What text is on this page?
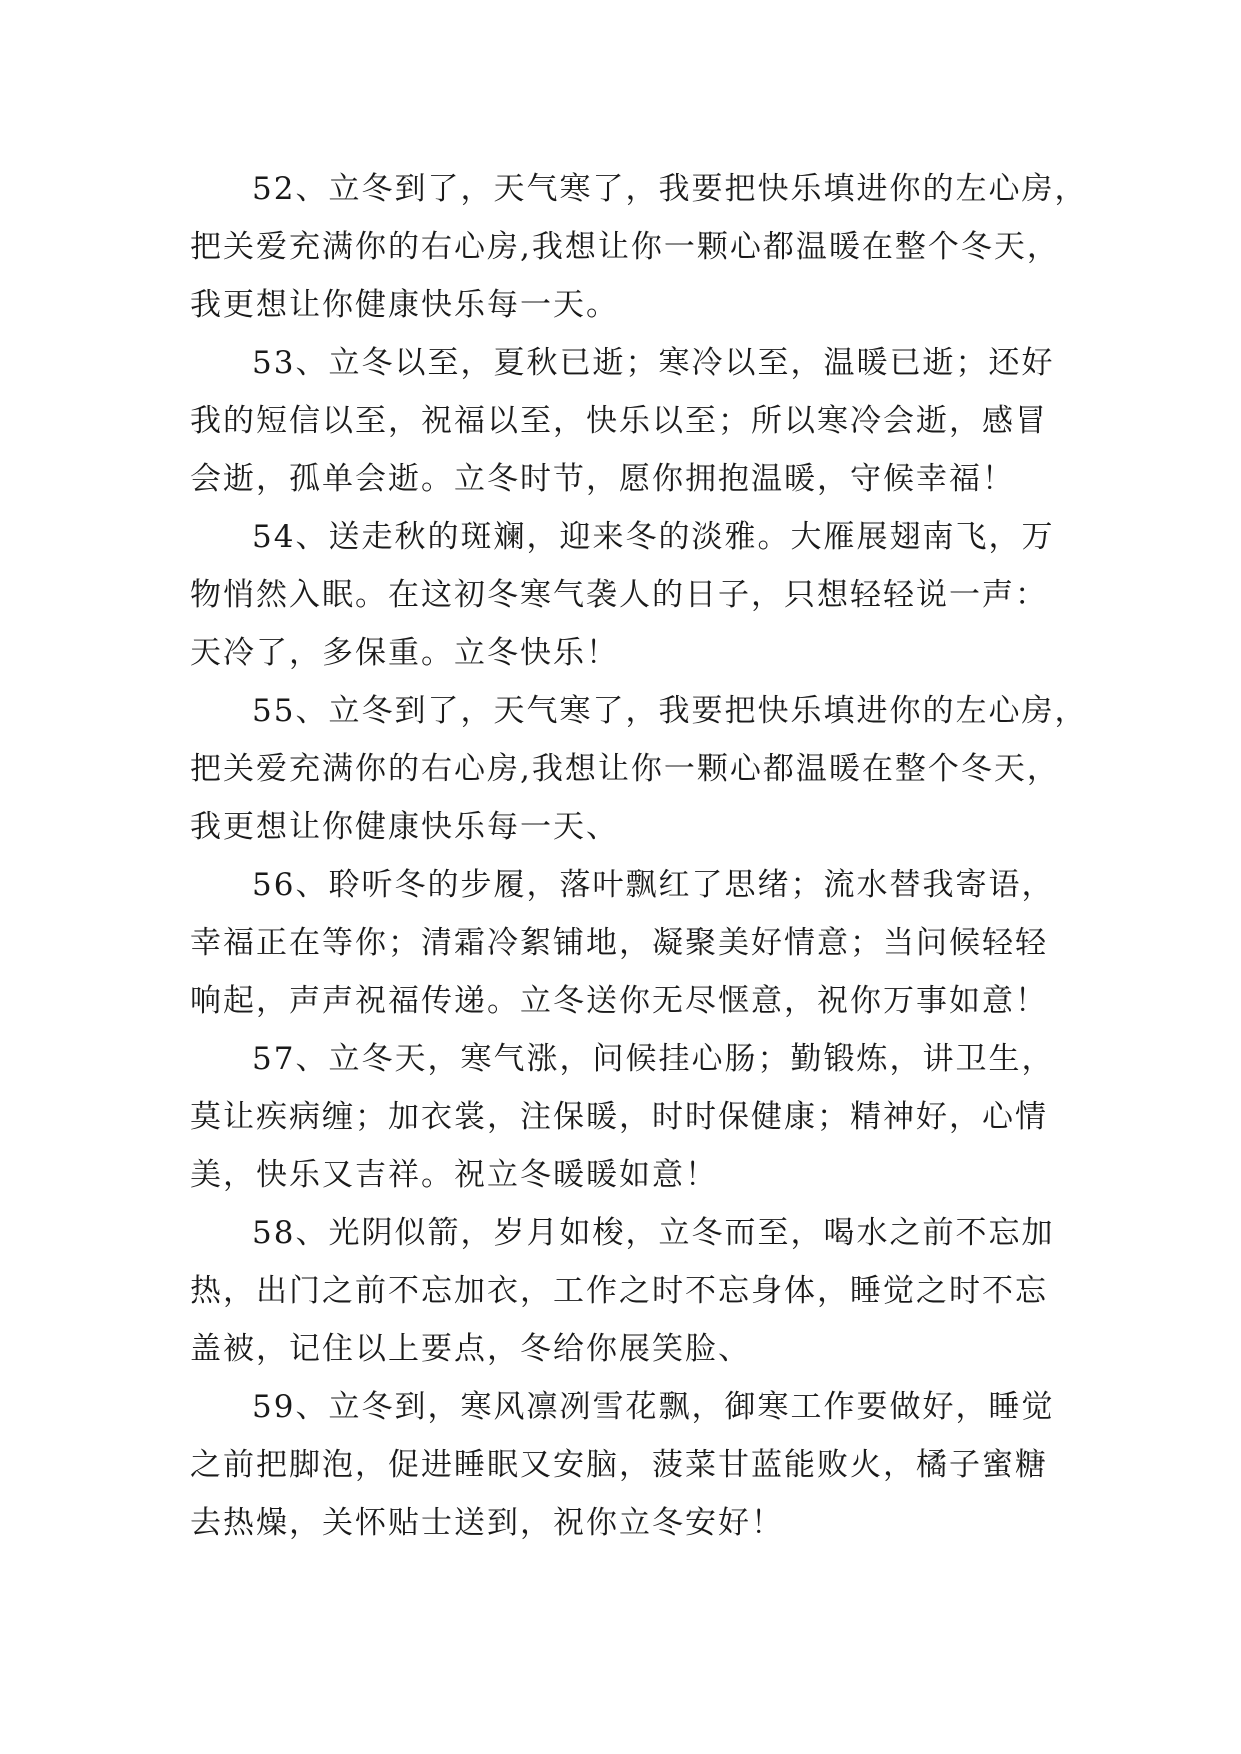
52、立冬到了，天气寒了，我要把快乐填进你的左心房，
把关爱充满你的右心房,我想让你一颗心都温暖在整个冬天，
我更想让你健康快乐每一天。
53、立冬以至，夏秋已逝；寒冷以至，温暖已逝；还好
我的短信以至，祝福以至，快乐以至；所以寒冷会逝，感冒
会逝，孤单会逝。立冬时节，愿你拥抱温暖，守候幸福！
54、送走秋的斑斓，迎来冬的淡雅。大雁展翅南飞，万
物悄然入眠。在这初冬寒气袭人的日子，只想轻轻说一声：
天冷了，多保重。立冬快乐！
55、立冬到了，天气寒了，我要把快乐填进你的左心房，
把关爱充满你的右心房,我想让你一颗心都温暖在整个冬天，
我更想让你健康快乐每一天、
56、聆听冬的步履，落叶飘红了思绪；流水替我寄语，
幸福正在等你；清霜冷絮铺地，凝聚美好情意；当问候轻轻
响起，声声祝福传递。立冬送你无尽惬意，祝你万事如意！
57、立冬天，寒气涨，问候挂心肠；勤锻炼，讲卫生，
莫让疾病缠；加衣裳，注保暖，时时保健康；精神好，心情
美，快乐又吉祥。祝立冬暖暖如意！
58、光阴似箭，岁月如梭，立冬而至，喝水之前不忘加
热，出门之前不忘加衣，工作之时不忘身体，睡觉之时不忘
盖被，记住以上要点，冬给你展笑脸、
59、立冬到，寒风凛冽雪花飘，御寒工作要做好，睡觉
之前把脚泡，促进睡眠又安脑，菠菜甘蓝能败火，橘子蜜糖
去热燥，关怀贴士送到，祝你立冬安好！
